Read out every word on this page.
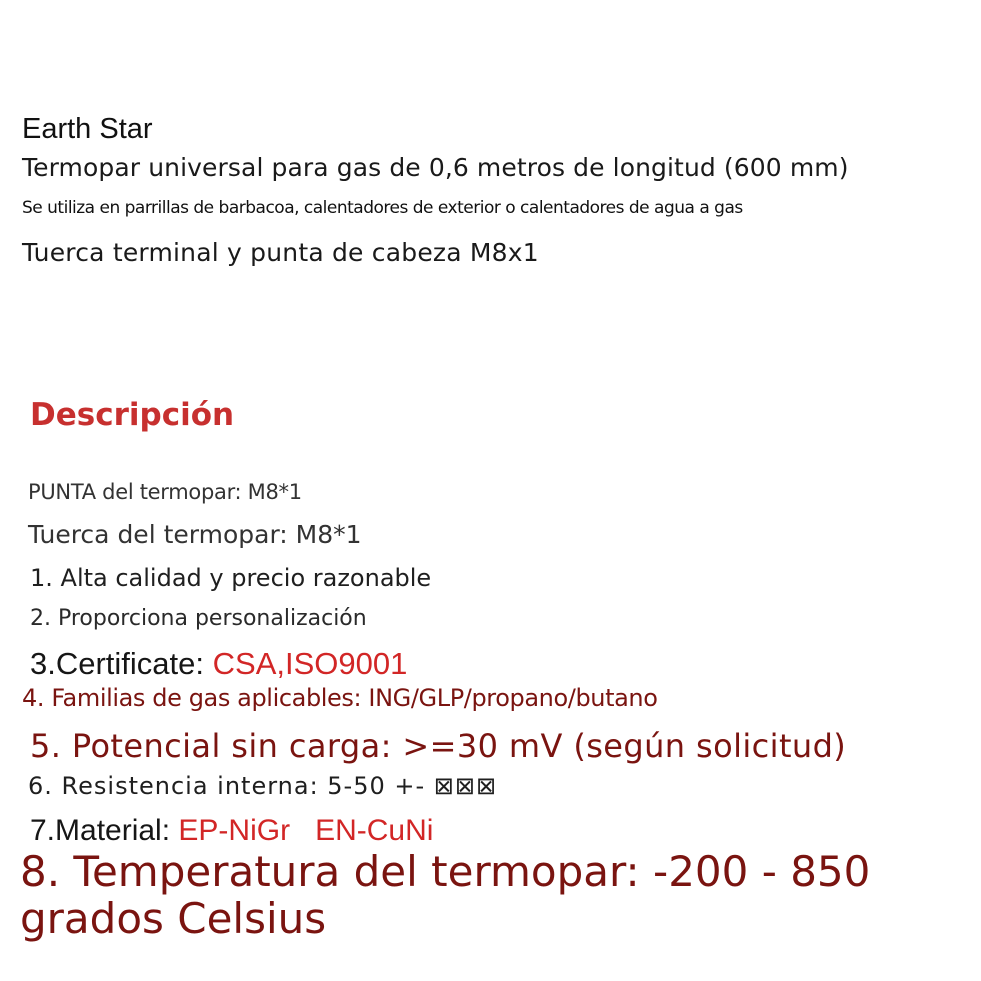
Earth Star

Termopar universal para gas de 0,6 metros de longitud (600 mm)

Se utiliza en parrillas de barbacoa, calentadores de exterior o calentadores de agua a gas

Tuerca terminal y punta de cabeza M8x1

Descripción

PUNTA del termopar: M8*1

Tuerca del termopar: M8*1

1. Alta calidad y precio razonable

2. Proporciona personalización

3.Certificate: CSA,ISO9001

4. Familias de gas aplicables: ING/GLP/propano/butano

5. Potencial sin carga: >=30 mV (según solicitud)

6. Resistencia interna: 5-50 +- ⊠⊠⊠

7.Material: EP-NiGr EN-CuNi

8. Temperatura del termopar: -200 - 850 grados Celsius
